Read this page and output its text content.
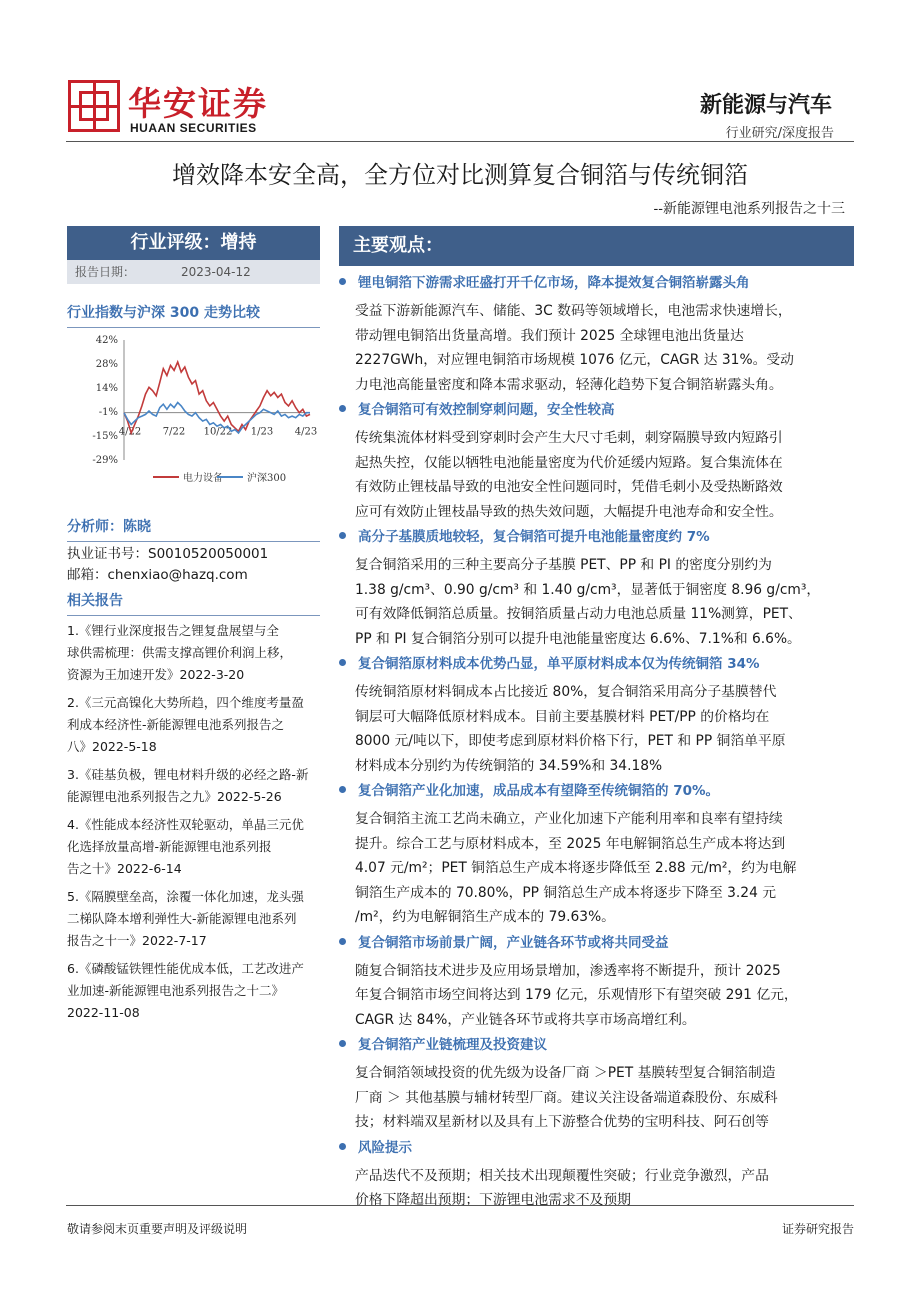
华安证券
HUAAN SECURITIES
新能源与汽车
行业研究/深度报告
增效降本安全高，全方位对比测算复合铜箔与传统铜箔
--新能源锂电池系列报告之十三
行业评级：增持
报告日期：	2023-04-12
行业指数与沪深 300 走势比较
42%
28%
14%
-1%
-15%
-29%
4/22 7/22 10/22 1/23 4/23
电力设备 沪深300
分析师：陈晓
执业证书号：S0010520050001
邮箱：chenxiao@hazq.com
相关报告
1.《锂行业深度报告之锂复盘展望与全
球供需梳理：供需支撑高锂价利润上移，
资源为王加速开发》2022-3-20
2.《三元高镍化大势所趋，四个维度考量盈
利成本经济性-新能源锂电池系列报告之
八》2022-5-18
3.《硅基负极，锂电材料升级的必经之路-新
能源锂电池系列报告之九》2022-5-26
4.《性能成本经济性双轮驱动，单晶三元优
化选择放量高增-新能源锂电池系列报
告之十》2022-6-14
5.《隔膜壁垒高，涂覆一体化加速，龙头强
二梯队降本增利弹性大-新能源锂电池系列
报告之十一》2022-7-17
6.《磷酸锰铁锂性能优成本低，工艺改进产
业加速-新能源锂电池系列报告之十二》
2022-11-08
主要观点：
锂电铜箔下游需求旺盛打开千亿市场，降本提效复合铜箔崭露头角

受益下游新能源汽车、储能、3C 数码等领域增长，电池需求快速增长，

带动锂电铜箔出货量高增。我们预计 2025 全球锂电池出货量达

2227GWh，对应锂电铜箔市场规模 1076 亿元，CAGR 达 31%。受动

力电池高能量密度和降本需求驱动，轻薄化趋势下复合铜箔崭露头角。

复合铜箔可有效控制穿刺问题，安全性较高

传统集流体材料受到穿刺时会产生大尺寸毛刺，刺穿隔膜导致内短路引

起热失控，仅能以牺牲电池能量密度为代价延缓内短路。复合集流体在

有效防止锂枝晶导致的电池安全性问题同时，凭借毛刺小及受热断路效

应可有效防止锂枝晶导致的热失效问题，大幅提升电池寿命和安全性。

高分子基膜质地较轻，复合铜箔可提升电池能量密度约 7%

复合铜箔采用的三种主要高分子基膜 PET、PP 和 PI 的密度分别约为

1.38 g/cm³、0.90 g/cm³ 和 1.40 g/cm³，显著低于铜密度 8.96 g/cm³，

可有效降低铜箔总质量。按铜箔质量占动力电池总质量 11%测算，PET、

PP 和 PI 复合铜箔分别可以提升电池能量密度达 6.6%、7.1%和 6.6%。

复合铜箔原材料成本优势凸显，单平原材料成本仅为传统铜箔 34%

传统铜箔原材料铜成本占比接近 80%，复合铜箔采用高分子基膜替代

铜层可大幅降低原材料成本。目前主要基膜材料 PET/PP 的价格均在

8000 元/吨以下，即使考虑到原材料价格下行，PET 和 PP 铜箔单平原

材料成本分别约为传统铜箔的 34.59%和 34.18%

复合铜箔产业化加速，成品成本有望降至传统铜箔的 70%。

复合铜箔主流工艺尚未确立，产业化加速下产能利用率和良率有望持续

提升。综合工艺与原材料成本，至 2025 年电解铜箔总生产成本将达到

4.07 元/m²；PET 铜箔总生产成本将逐步降低至 2.88 元/m²，约为电解

铜箔生产成本的 70.80%，PP 铜箔总生产成本将逐步下降至 3.24 元

/m²，约为电解铜箔生产成本的 79.63%。

复合铜箔市场前景广阔，产业链各环节或将共同受益

随复合铜箔技术进步及应用场景增加，渗透率将不断提升，预计 2025

年复合铜箔市场空间将达到 179 亿元，乐观情形下有望突破 291 亿元，

CAGR 达 84%，产业链各环节或将共享市场高增红利。

复合铜箔产业链梳理及投资建议

复合铜箔领域投资的优先级为设备厂商 ＞PET 基膜转型复合铜箔制造

厂商 ＞ 其他基膜与辅材转型厂商。建议关注设备端道森股份、东威科

技；材料端双星新材以及具有上下游整合优势的宝明科技、阿石创等

风险提示

产品迭代不及预期；相关技术出现颠覆性突破；行业竞争激烈，产品

价格下降超出预期；下游锂电池需求不及预期

敬请参阅末页重要声明及评级说明	证券研究报告
